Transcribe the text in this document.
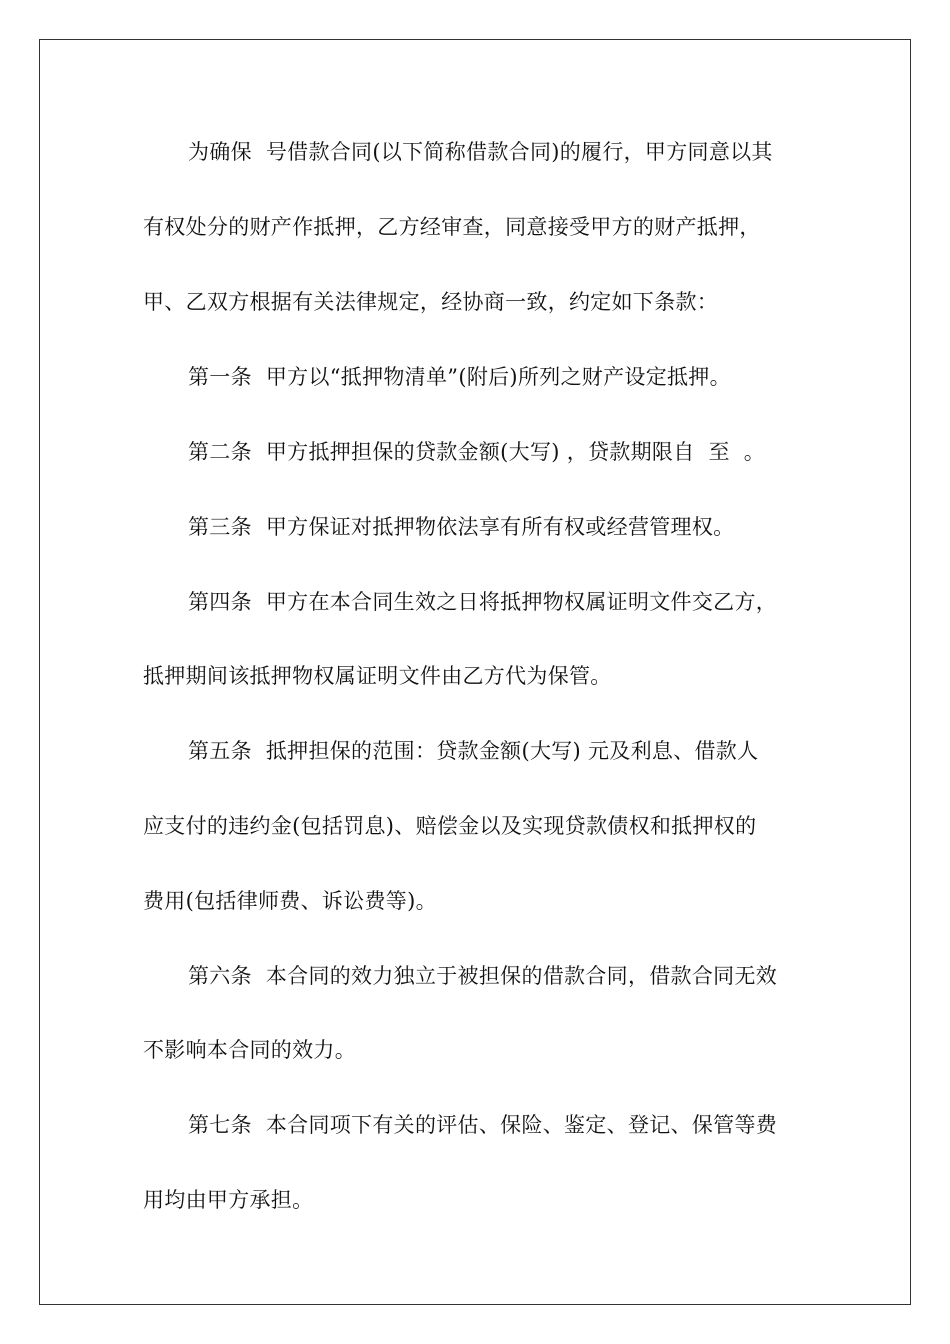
为确保  号借款合同(以下简称借款合同)的履行，甲方同意以其
有权处分的财产作抵押，乙方经审查，同意接受甲方的财产抵押，
甲、乙双方根据有关法律规定，经协商一致，约定如下条款：
第一条  甲方以“抵押物清单”(附后)所列之财产设定抵押。
第二条  甲方抵押担保的贷款金额(大写) ，贷款期限自  至  。
第三条  甲方保证对抵押物依法享有所有权或经营管理权。
第四条  甲方在本合同生效之日将抵押物权属证明文件交乙方，
抵押期间该抵押物权属证明文件由乙方代为保管。
第五条  抵押担保的范围：贷款金额(大写) 元及利息、借款人
应支付的违约金(包括罚息)、赔偿金以及实现贷款债权和抵押权的
费用(包括律师费、诉讼费等)。
第六条  本合同的效力独立于被担保的借款合同，借款合同无效
不影响本合同的效力。
第七条  本合同项下有关的评估、保险、鉴定、登记、保管等费
用均由甲方承担。
